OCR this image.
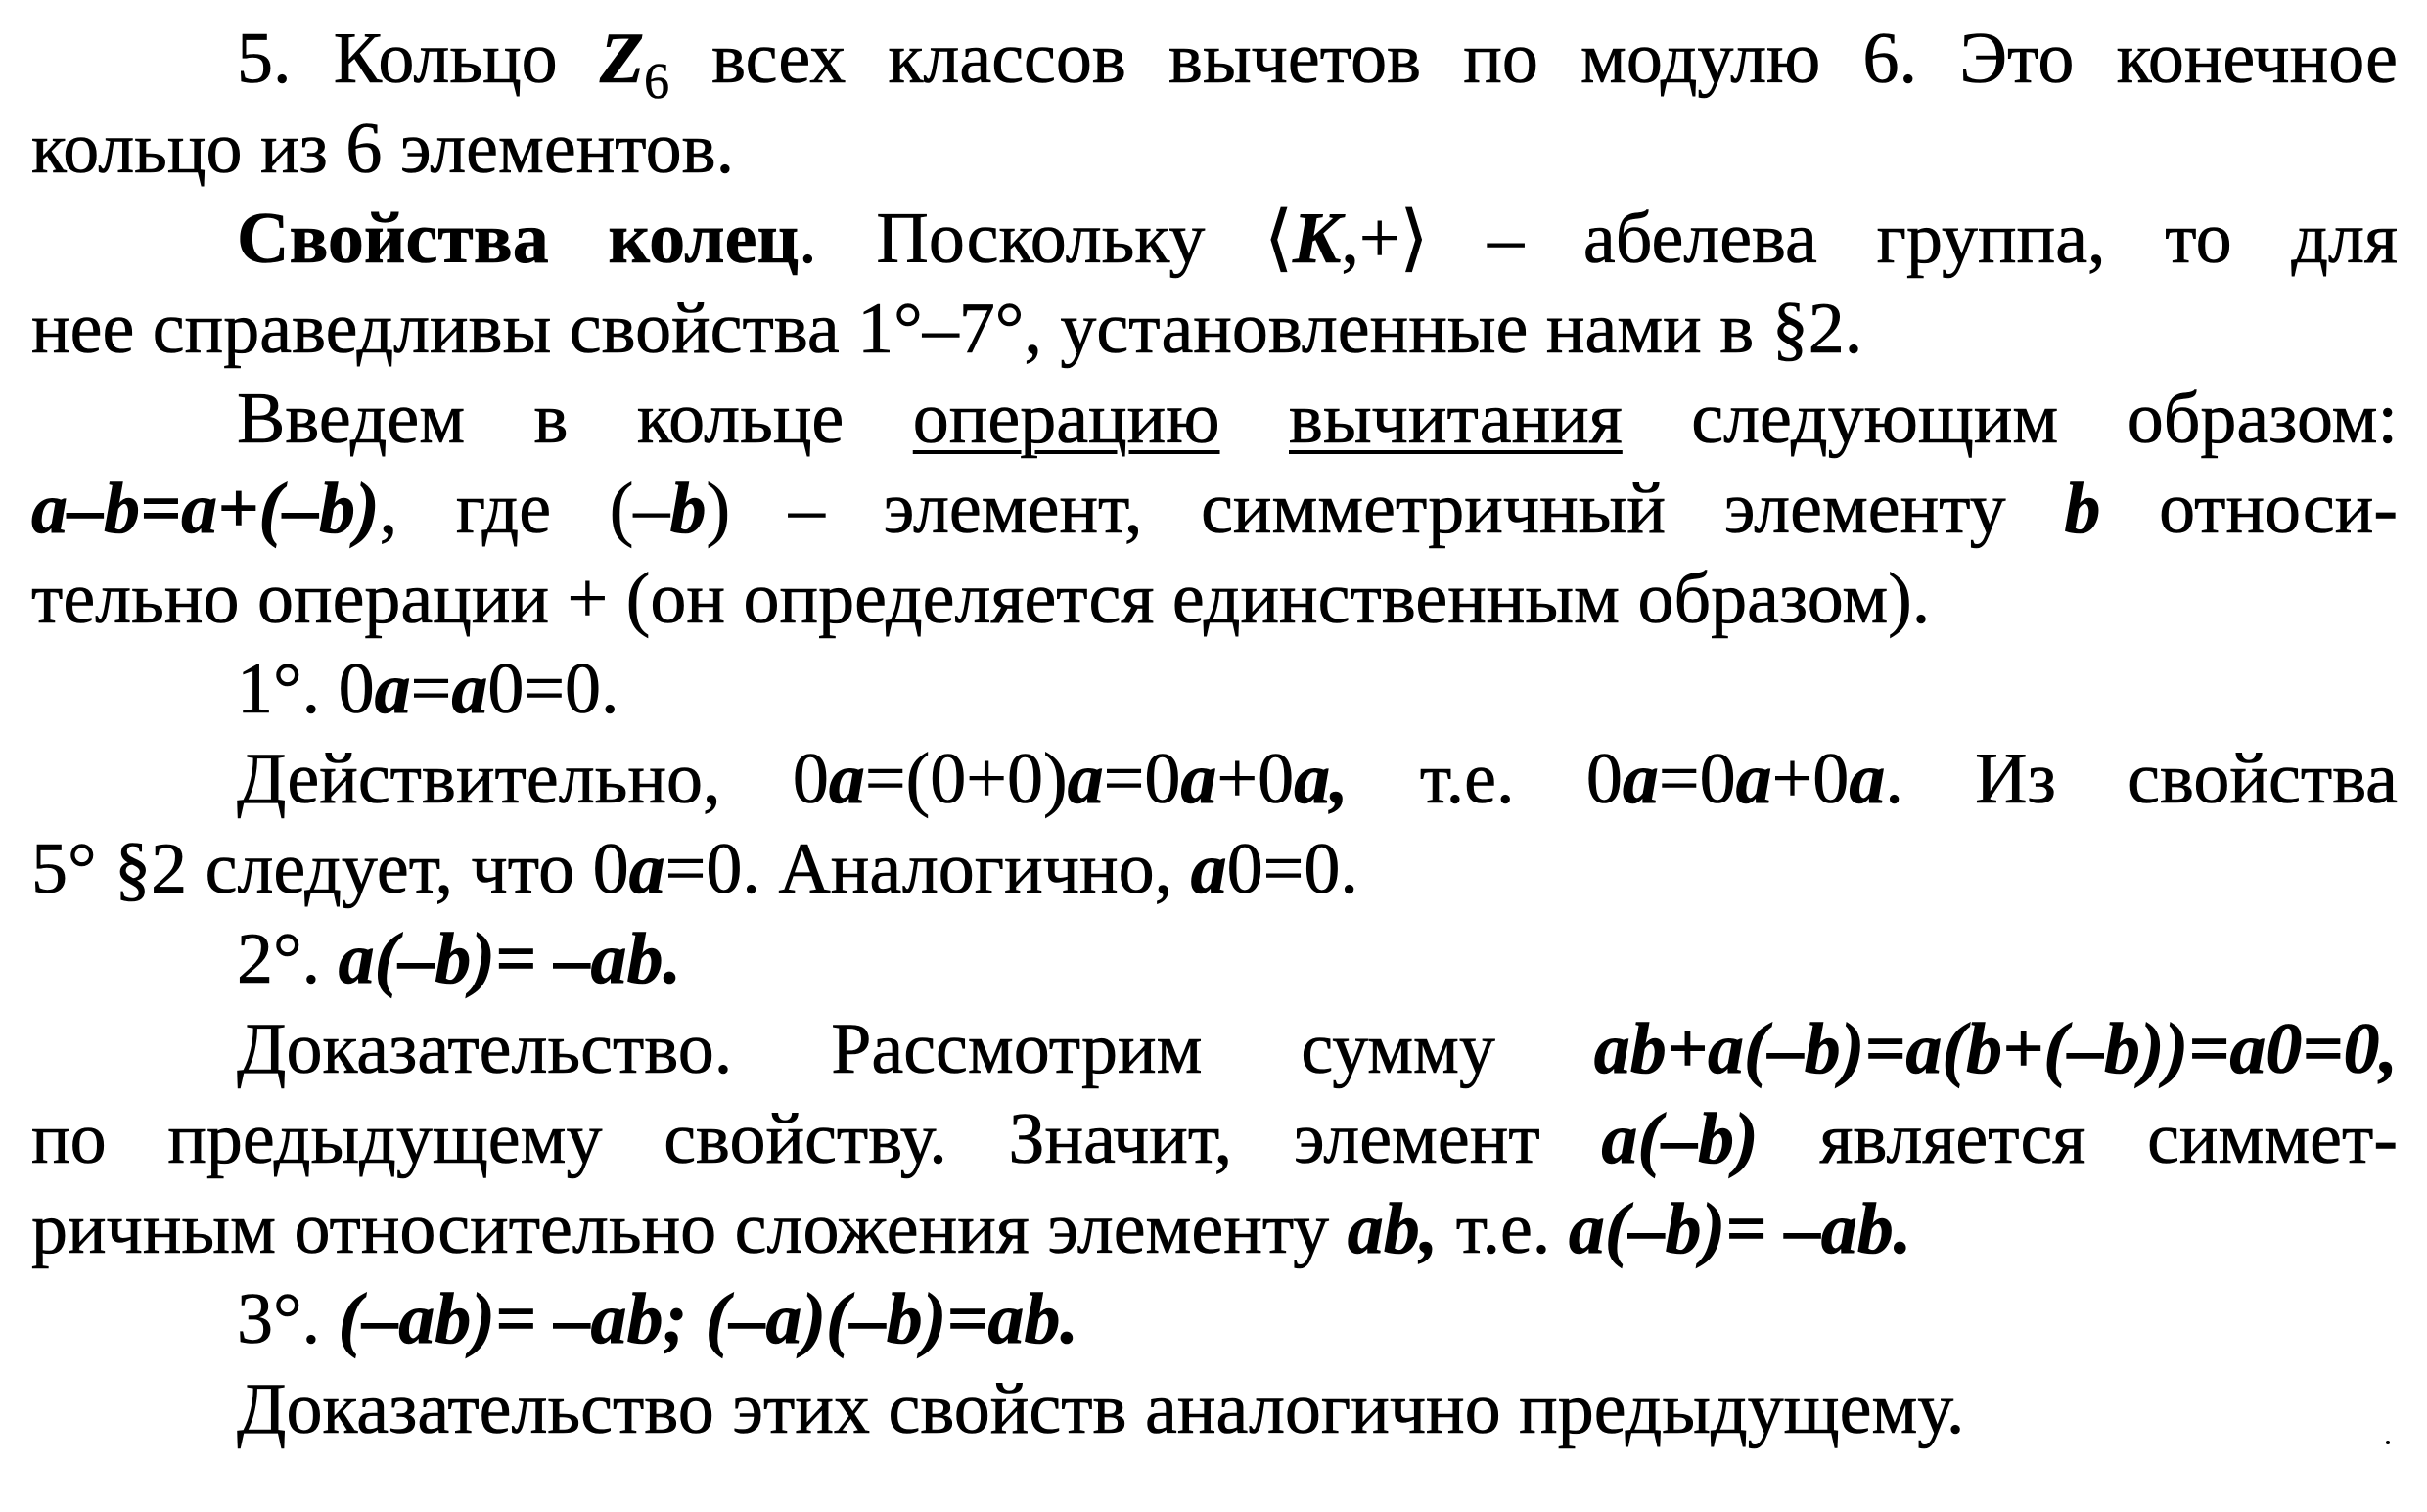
5. Кольцо $Z_6$ всех классов вычетов по модулю 6. Это конечное
кольцо из 6 элементов.
Свойства колец. Поскольку ⟨K,+⟩ – абелева группа, то для
нее справедливы свойства 1°–7°, установленные нами в §2.
Введем в кольце операцию вычитания следующим образом:
a–b=a+(–b), где (–b) – элемент, симметричный элементу b относи-
тельно операции + (он определяется единственным образом).
1°. 0a=a0=0.
Действительно, 0a=(0+0)a=0a+0a, т.е. 0a=0a+0a. Из свойства
5° §2 следует, что 0a=0. Аналогично, a0=0.
2°. a(–b)= –ab.
Доказательство. Рассмотрим сумму ab+a(–b)=a(b+(–b))=a0=0,
по предыдущему свойству. Значит, элемент a(–b) является симмет-
ричным относительно сложения элементу ab, т.е. a(–b)= –ab.
3°. (–ab)= –ab; (–a)(–b)=ab.
Доказательство этих свойств аналогично предыдущему.
